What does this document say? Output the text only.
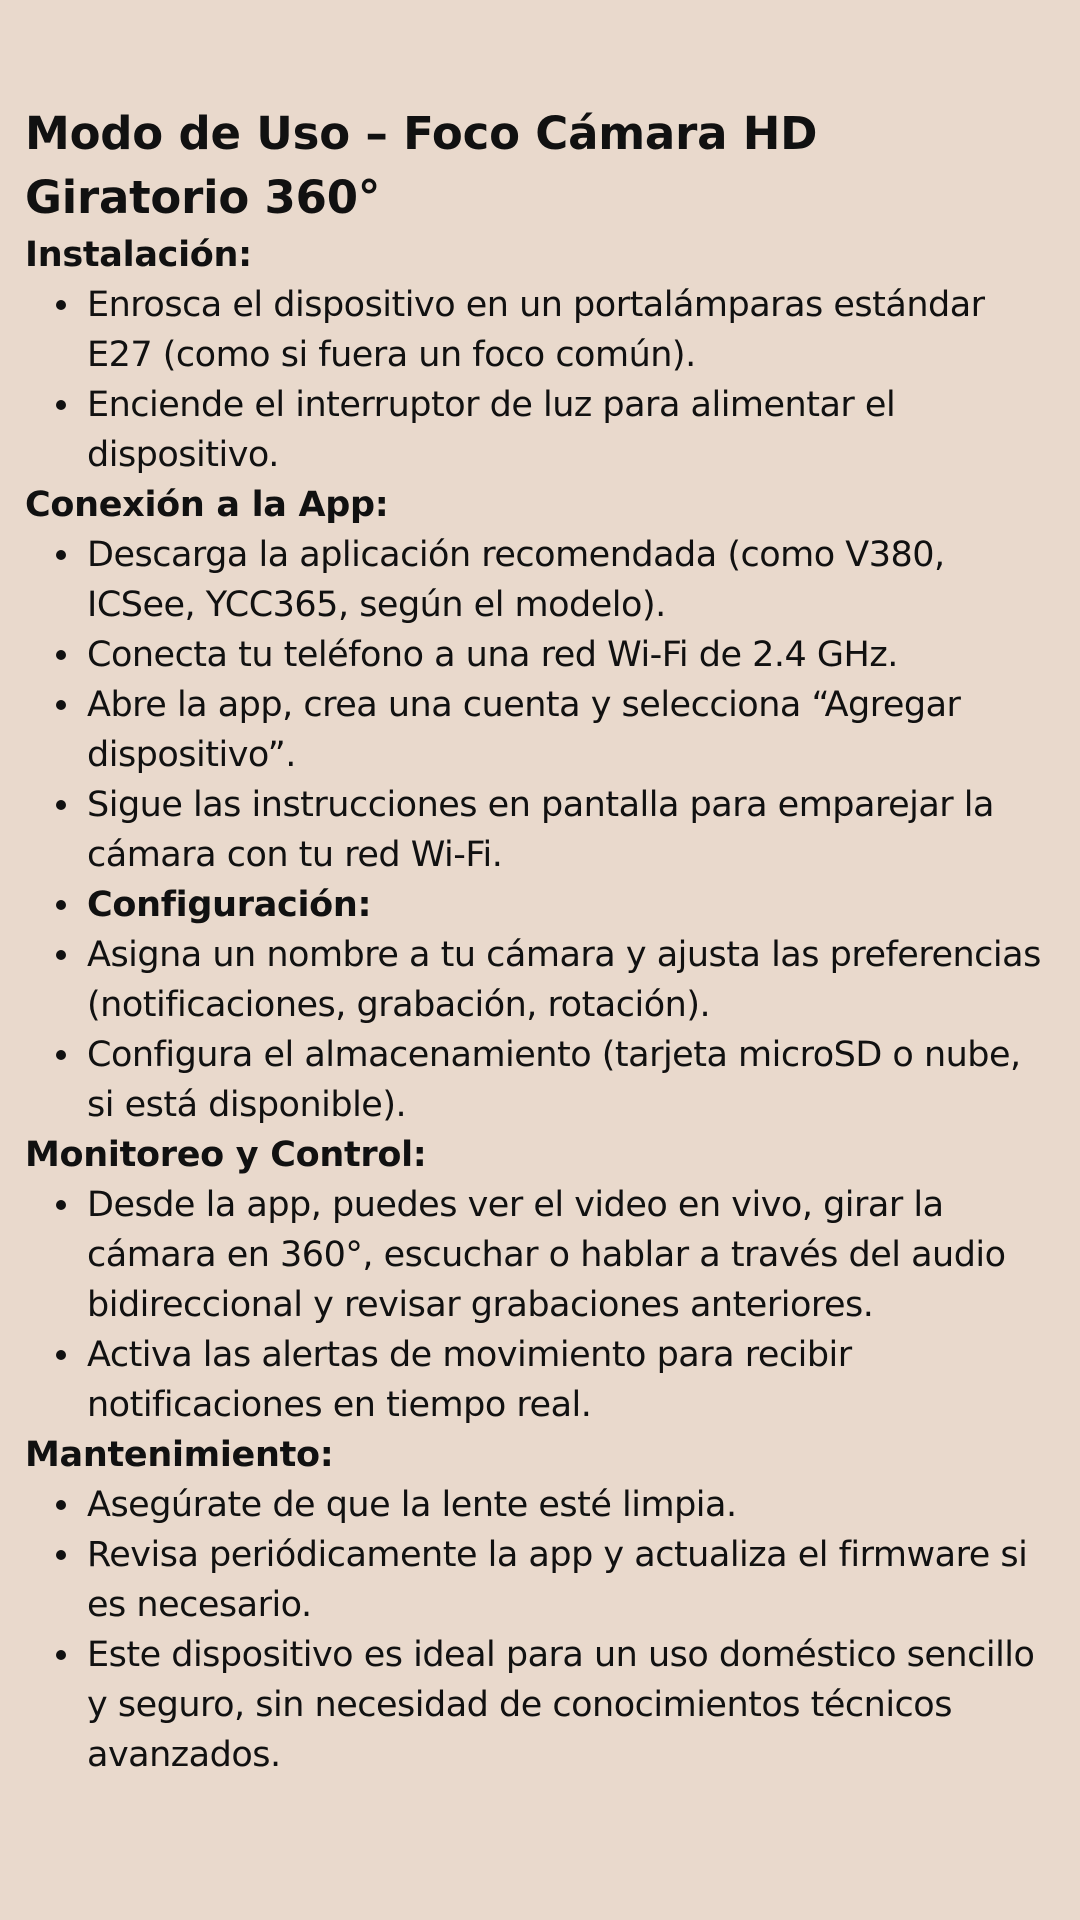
Modo de Uso – Foco Cámara HD Giratorio 360°
Instalación:
Enrosca el dispositivo en un portalámparas estándar E27 (como si fuera un foco común).
Enciende el interruptor de luz para alimentar el dispositivo.
Conexión a la App:
Descarga la aplicación recomendada (como V380, ICSee, YCC365, según el modelo).
Conecta tu teléfono a una red Wi-Fi de 2.4 GHz.
Abre la app, crea una cuenta y selecciona “Agregar dispositivo”.
Sigue las instrucciones en pantalla para emparejar la cámara con tu red Wi-Fi.
Configuración:
Asigna un nombre a tu cámara y ajusta las preferencias (notificaciones, grabación, rotación).
Configura el almacenamiento (tarjeta microSD o nube, si está disponible).
Monitoreo y Control:
Desde la app, puedes ver el video en vivo, girar la cámara en 360°, escuchar o hablar a través del audio bidireccional y revisar grabaciones anteriores.
Activa las alertas de movimiento para recibir notificaciones en tiempo real.
Mantenimiento:
Asegúrate de que la lente esté limpia.
Revisa periódicamente la app y actualiza el firmware si es necesario.
Este dispositivo es ideal para un uso doméstico sencillo y seguro, sin necesidad de conocimientos técnicos avanzados.
